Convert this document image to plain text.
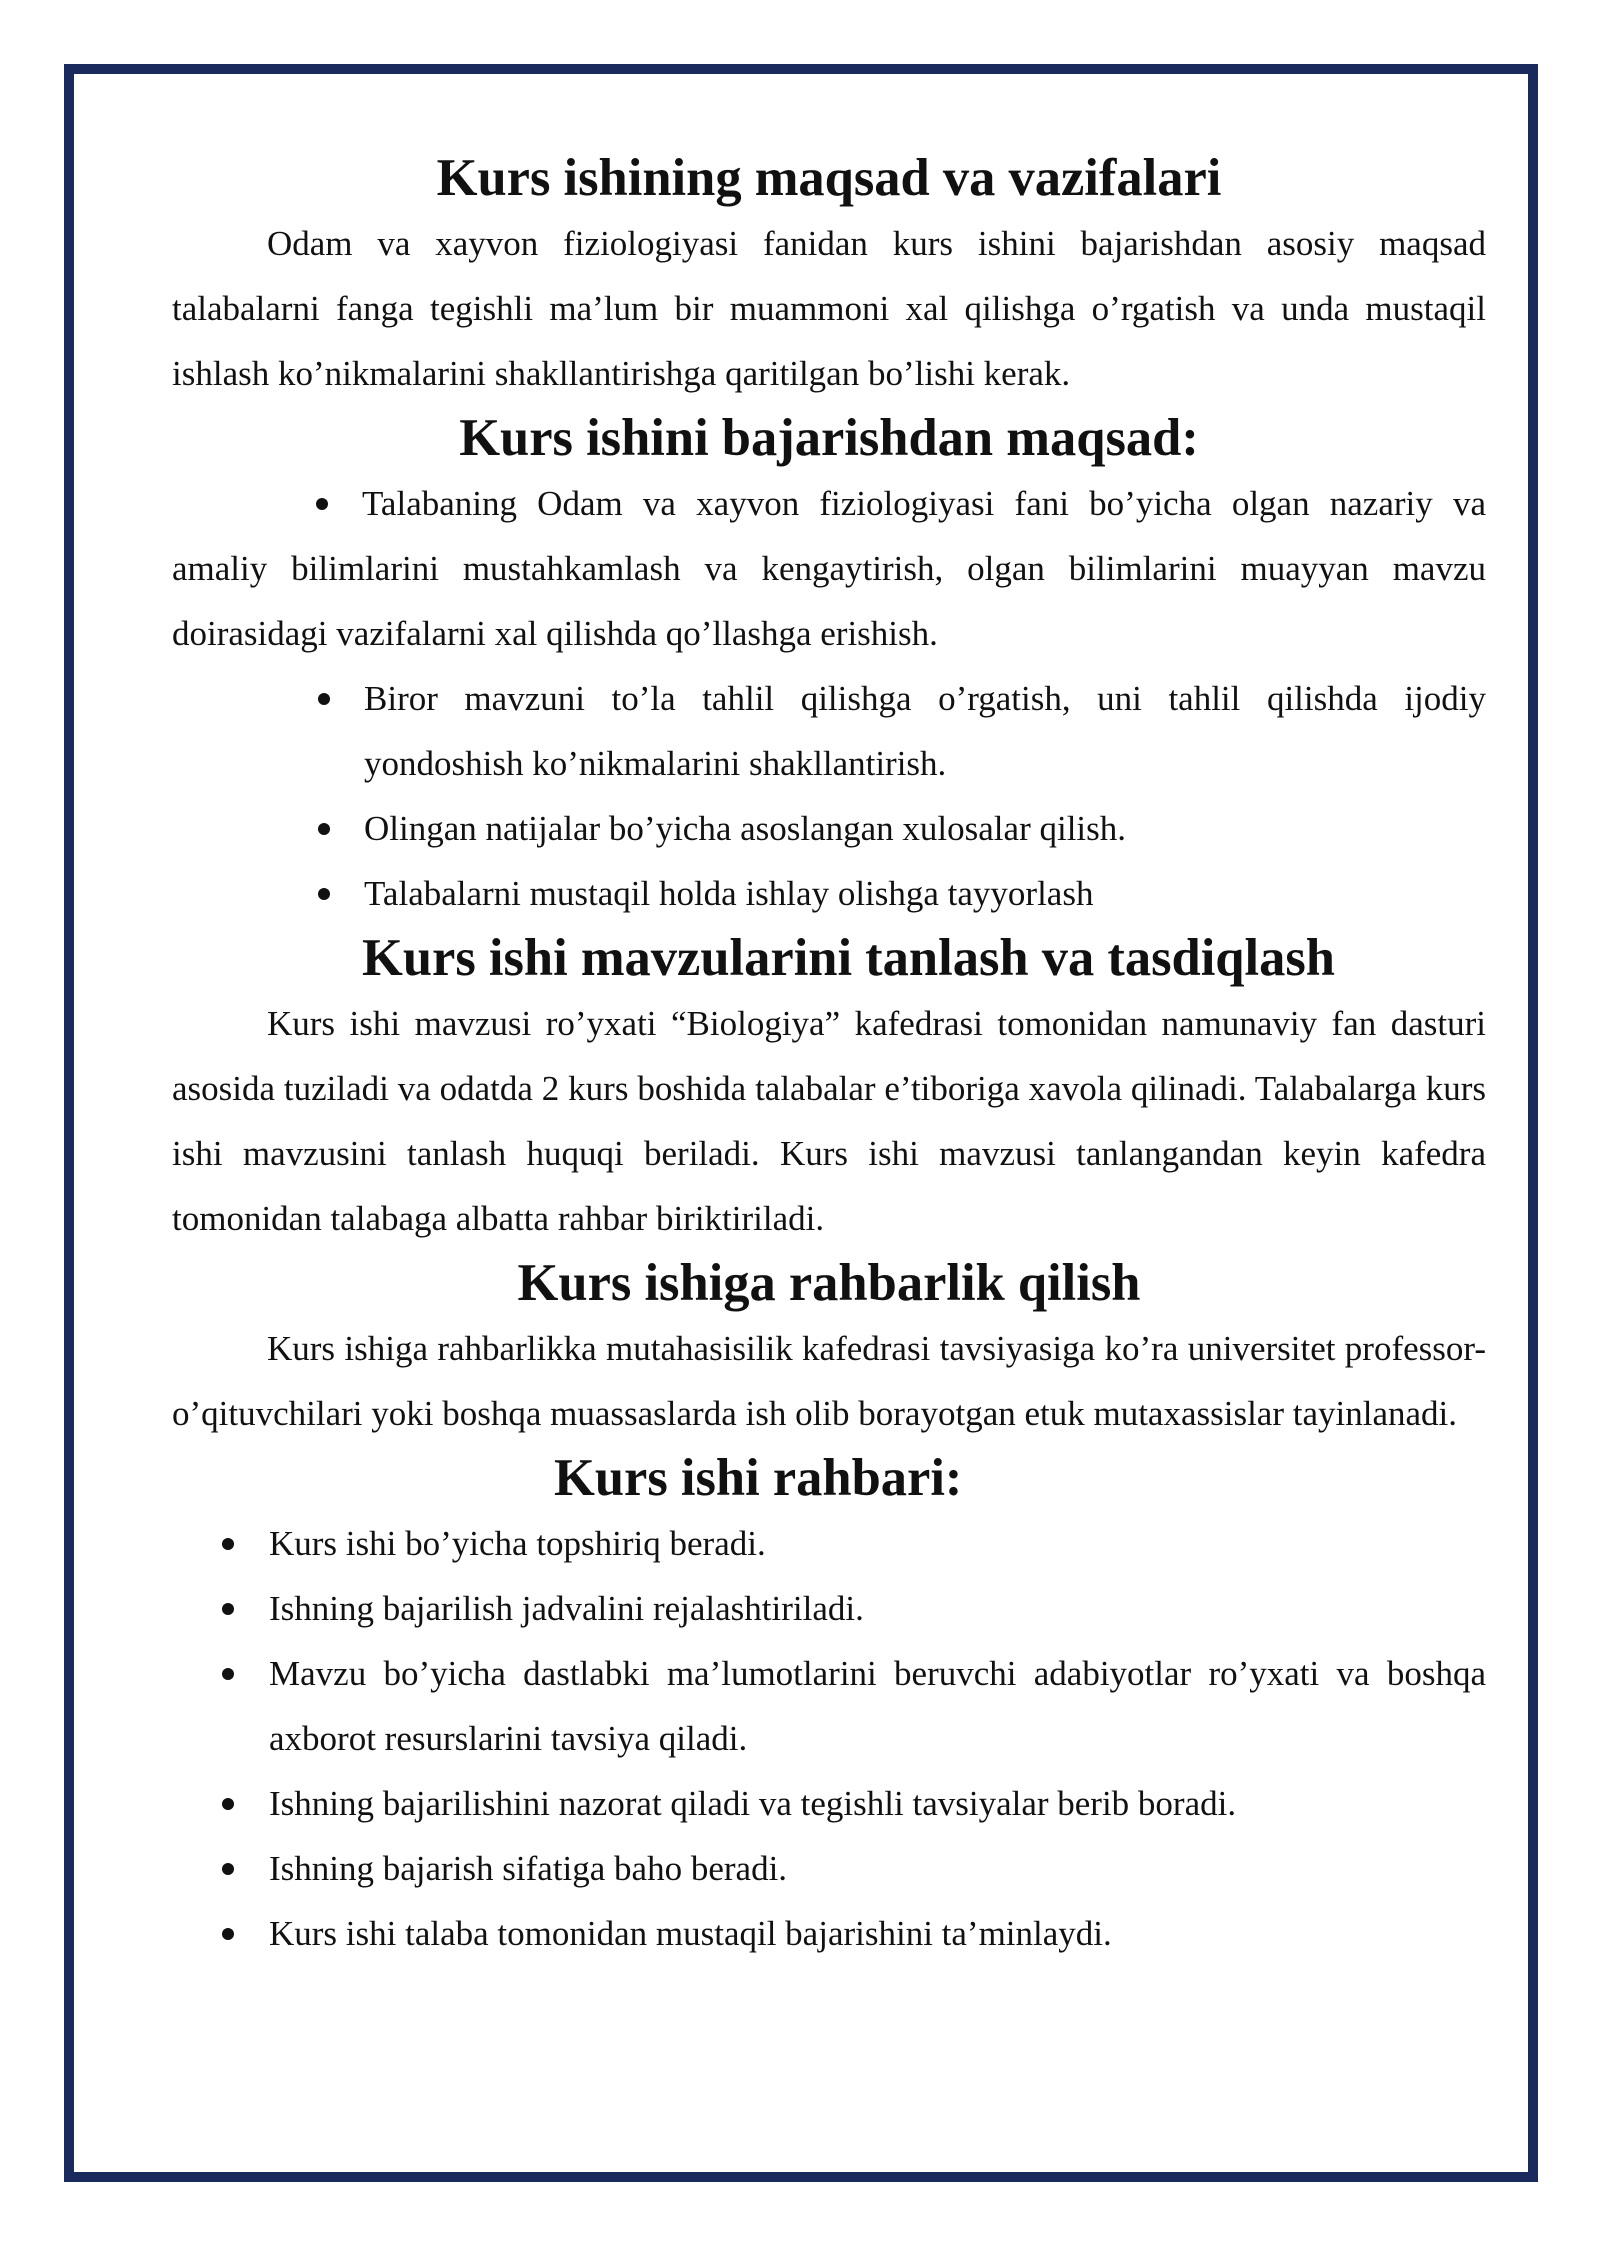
Kurs ishining maqsad va vazifalari

Odam va xayvon fiziologiyasi fanidan kurs ishini bajarishdan asosiy maqsad talabalarni fanga tegishli ma’lum bir muammoni xal qilishga o’rgatish va unda mustaqil ishlash ko’nikmalarini shakllantirishga qaritilgan bo’lishi kerak.

Kurs ishini bajarishdan maqsad:

Talabaning Odam va xayvon fiziologiyasi fani bo’yicha olgan nazariy va amaliy bilimlarini mustahkamlash va kengaytirish, olgan bilimlarini muayyan mavzu doirasidagi vazifalarni xal qilishda qo’llashga erishish.

Biror mavzuni to’la tahlil qilishga o’rgatish, uni tahlil qilishda ijodiy yondoshish ko’nikmalarini shakllantirish.
Olingan natijalar bo’yicha asoslangan xulosalar qilish.
Talabalarni mustaqil holda ishlay olishga tayyorlash
Kurs ishi mavzularini tanlash va tasdiqlash

Kurs ishi mavzusi ro’yxati “Biologiya” kafedrasi tomonidan namunaviy fan dasturi asosida tuziladi va odatda 2 kurs boshida talabalar e’tiboriga xavola qilinadi. Talabalarga kurs ishi mavzusini tanlash huquqi beriladi. Kurs ishi mavzusi tanlangandan keyin kafedra tomonidan talabaga albatta rahbar biriktiriladi.

Kurs ishiga rahbarlik qilish

Kurs ishiga rahbarlikka mutahasisilik kafedrasi tavsiyasiga ko’ra universitet professor-o’qituvchilari yoki boshqa muassaslarda ish olib borayotgan etuk mutaxassislar tayinlanadi.

Kurs ishi rahbari:
Kurs ishi bo’yicha topshiriq beradi.
Ishning bajarilish jadvalini rejalashtiriladi.
Mavzu bo’yicha dastlabki ma’lumotlarini beruvchi adabiyotlar ro’yxati va boshqa axborot resurslarini tavsiya qiladi.
Ishning bajarilishini nazorat qiladi va tegishli tavsiyalar berib boradi.
Ishning bajarish sifatiga baho beradi.
Kurs ishi talaba tomonidan mustaqil bajarishini ta’minlaydi.
